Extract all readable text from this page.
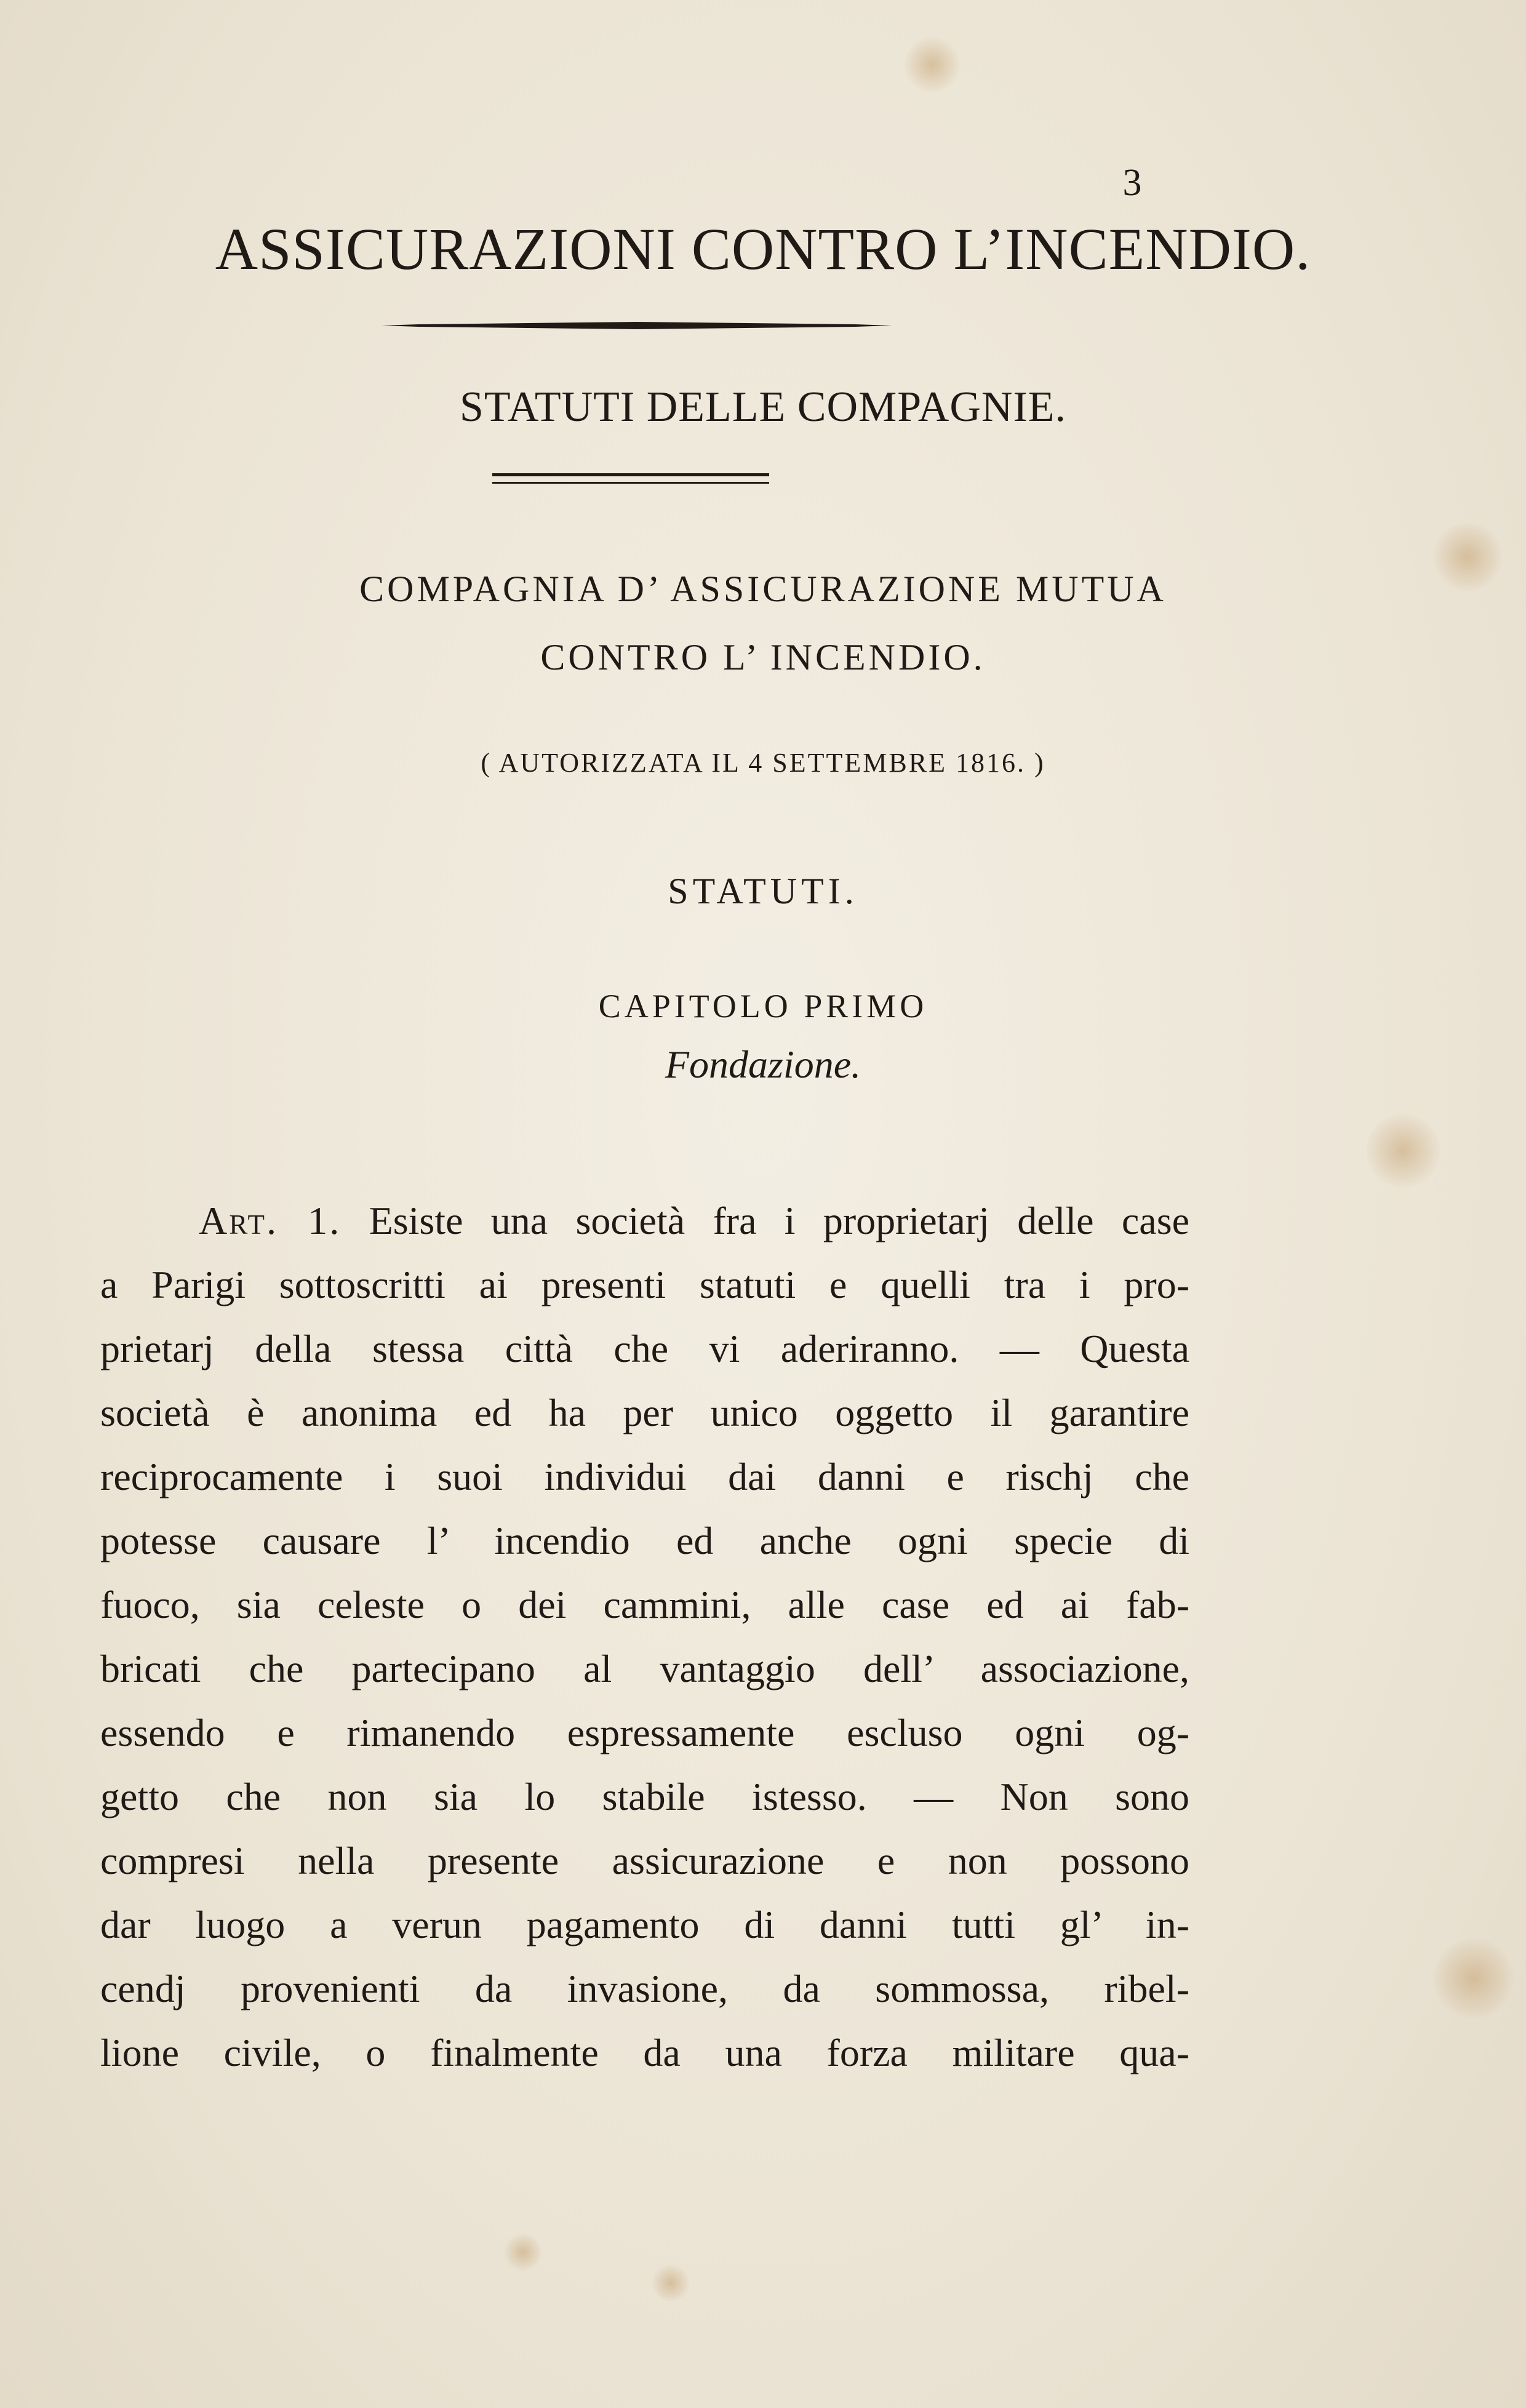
3
ASSICURAZIONI CONTRO L’INCENDIO.
STATUTI DELLE COMPAGNIE.
COMPAGNIA D’ ASSICURAZIONE MUTUA
CONTRO L’ INCENDIO.
( AUTORIZZATA IL 4 SETTEMBRE 1816. )
STATUTI.
CAPITOLO PRIMO
Fondazione.
Art. 1. Esiste una società fra i proprietarj delle case
a Parigi sottoscritti ai presenti statuti e quelli tra i pro-
prietarj della stessa città che vi aderiranno. — Questa
società è anonima ed ha per unico oggetto il garantire
reciprocamente i suoi individui dai danni e rischj che
potesse causare l’ incendio ed anche ogni specie di
fuoco, sia celeste o dei cammini, alle case ed ai fab-
bricati che partecipano al vantaggio dell’ associazione,
essendo e rimanendo espressamente escluso ogni og-
getto che non sia lo stabile istesso. — Non sono
compresi nella presente assicurazione e non possono
dar luogo a verun pagamento di danni tutti gl’ in-
cendj provenienti da invasione, da sommossa, ribel-
lione civile, o finalmente da una forza militare qua-
